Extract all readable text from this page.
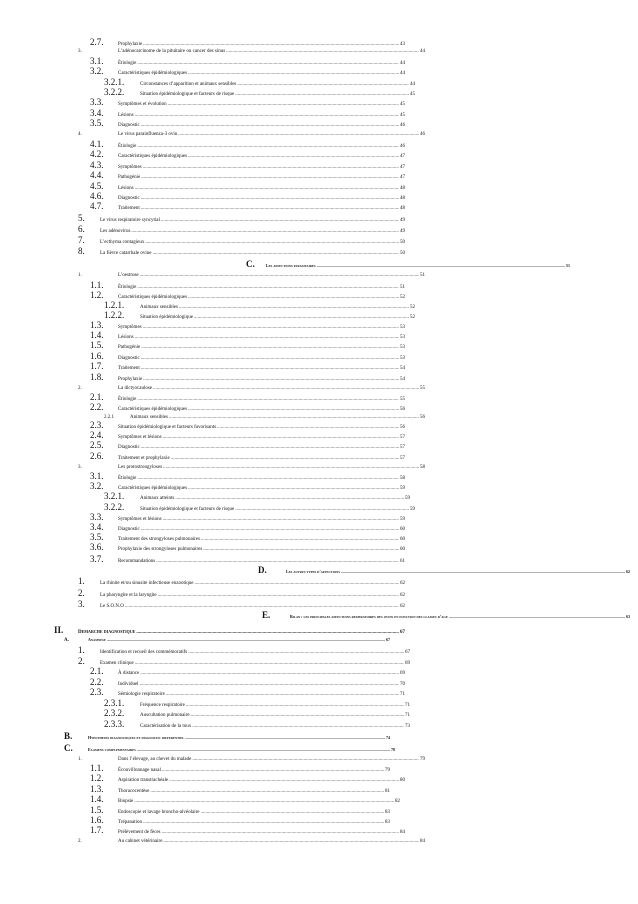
2.7.	Prophylaxie .....	43
3.	L’adénocarcinome de la pituitaire ou cancer des sinus .....	44
3.1.	Étiologie .....	44
3.2.	Caractéristiques épidémiologiques .....	44
3.2.1.	Circonstances d’apparition et animaux sensibles .....	44
3.2.2.	Situation épidémiologique et facteurs de risque .....	45
3.3.	Symptômes et évolution .....	45
3.4.	Lésions .....	45
3.5.	Diagnostic .....	46
4.	Le virus parainfluenza-3 ovin .....	46
4.1.	Étiologie .....	46
4.2.	Caractéristiques épidémiologiques .....	47
4.3.	Symptômes .....	47
4.4.	Pathogénie .....	47
4.5.	Lésions .....	48
4.6.	Diagnostic .....	48
4.7.	Traitement .....	48
5.	Le virus respiratoire syncytial .....	49
6.	Les adénovirus .....	49
7.	L’ecthyma contagieux .....	50
8.	La fièvre catarrhale ovine .....	50
C.	Les affections parasitaires .....	51
1.	L’oestrose .....	51
1.1.	Étiologie .....	51
1.2.	Caractéristiques épidémiologiques .....	52
1.2.1.	Animaux sensibles .....	52
1.2.2.	Situation épidémiologique .....	52
1.3.	Symptômes .....	53
1.4.	Lésions .....	53
1.5.	Pathogénie .....	53
1.6.	Diagnostic .....	53
1.7.	Traitement .....	54
1.8.	Prophylaxie .....	54
2.	La dictyocaulose .....	55
2.1.	Étiologie .....	55
2.2.	Caractéristiques épidémiologiques .....	56
2.2.1	Animaux sensibles .....	56
2.3.	Situation épidémiologique et facteurs favorisants .....	56
2.4.	Symptômes et lésions .....	57
2.5.	Diagnostic .....	57
2.6.	Traitement et prophylaxie .....	57
3.	Les protostrongyloses .....	58
3.1.	Étiologie .....	58
3.2.	Caractéristiques épidémiologiques .....	59
3.2.1.	Animaux atteints .....	59
3.2.2.	Situation épidémiologique et facteurs de risque .....	59
3.3.	Symptômes et lésions .....	59
3.4.	Diagnostic .....	60
3.5.	Traitement des strongyloses pulmonaires .....	60
3.6.	Prophylaxie des strongyloses pulmonaires .....	60
3.7.	Recommandations .....	61
D.	Les autres types d’affections .....	62
1.	La rhinite et/ou sinusite infectieuse enzootique .....	62
2.	La pharyngite et la laryngite .....	62
3.	Le S.O.N.O .....	62
E.	Bilan : les principales affections respiratoires des ovins en fonction des classes d’age .....	63
II.	Demarche diagnostique .....	67
A.	Anamnese .....	67
1.	Identification et recueil des commémoratifs .....	67
2.	Examen clinique .....	69
2.1.	À distance .....	69
2.2.	Individuel .....	70
2.3.	Sémiologie respiratoire .....	71
2.3.1.	Fréquence respiratoire .....	71
2.3.2.	Auscultation pulmonaire .....	71
2.3.3.	Caractérisation de la toux .....	73
B.	Hypotheses diagnostiques et diagnostic differentiel .....	74
C.	Examens complementaires .....	78
1.	Dans l’élevage, au chevet du malade .....	79
1.1.	Écouvillonnage nasal .....	79
1.2.	Aspiration transtrachéale .....	80
1.3.	Thoracocentèse .....	81
1.4.	Biopsie .....	82
1.5.	Endoscopie et lavage broncho-alvéolaire .....	83
1.6.	Trépanation .....	83
1.7.	Prélèvement de fèces .....	84
2.	Au cabinet vétérinaire .....	84
